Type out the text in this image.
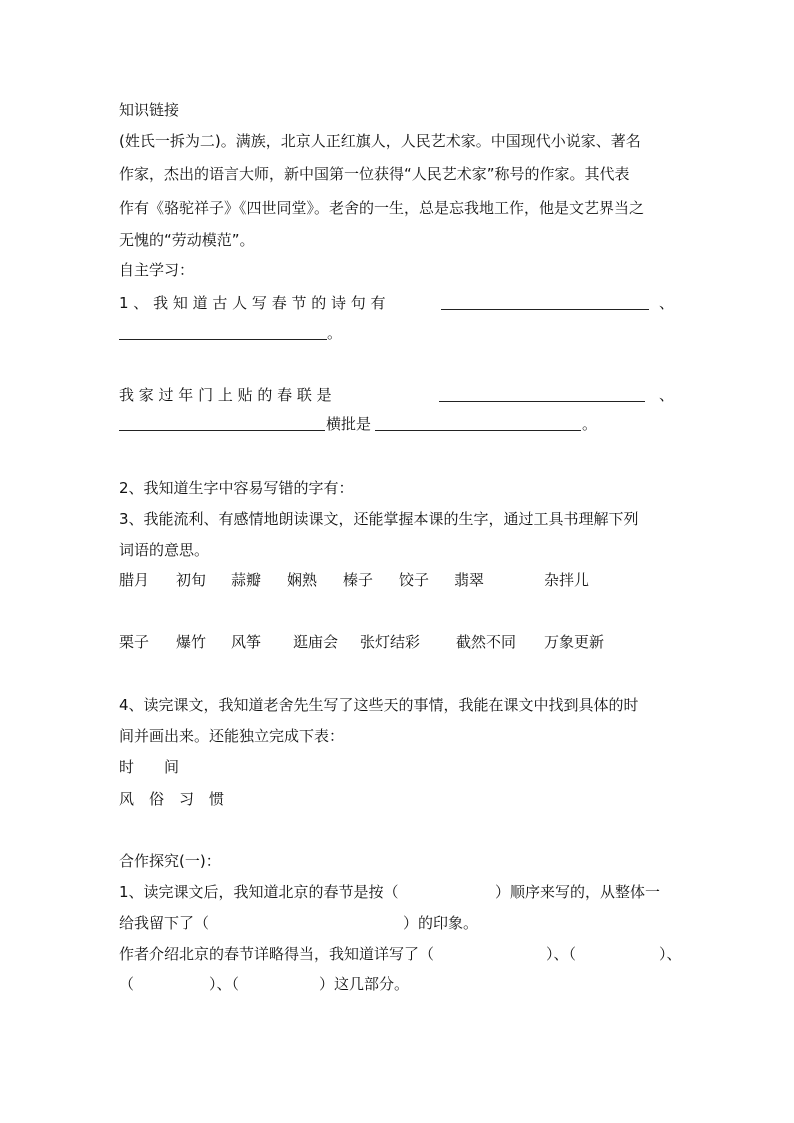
知识链接
(姓氏一拆为二)。满族，北京人正红旗人，人民艺术家。中国现代小说家、著名
作家，杰出的语言大师，新中国第一位获得“人民艺术家”称号的作家。其代表
作有《骆驼祥子》《四世同堂》。老舍的一生，总是忘我地工作，他是文艺界当之
无愧的“劳动模范”。
自主学习：
1 、 我 知 道 古 人 写 春 节 的 诗 句 有	、
。
我 家 过 年 门 上 贴 的 春 联 是	、
横批是	。
2、我知道生字中容易写错的字有：
3、我能流利、有感情地朗读课文，还能掌握本课的生字，通过工具书理解下列
词语的意思。
腊月 初旬 蒜瓣 娴熟 榛子 饺子 翡翠	杂拌儿
栗子 爆竹 风筝 逛庙会 张灯结彩 截然不同 万象更新
4、读完课文，我知道老舍先生写了这些天的事情，我能在课文中找到具体的时
间并画出来。还能独立完成下表：
时　　间
风　俗　习　惯
合作探究(一)：
1、读完课文后，我知道北京的春节是按（	）顺序来写的，从整体一
给我留下了（	）的印象。
作者介绍北京的春节详略得当，我知道详写了（	）、（	）、
（	）、（	）这几部分。
